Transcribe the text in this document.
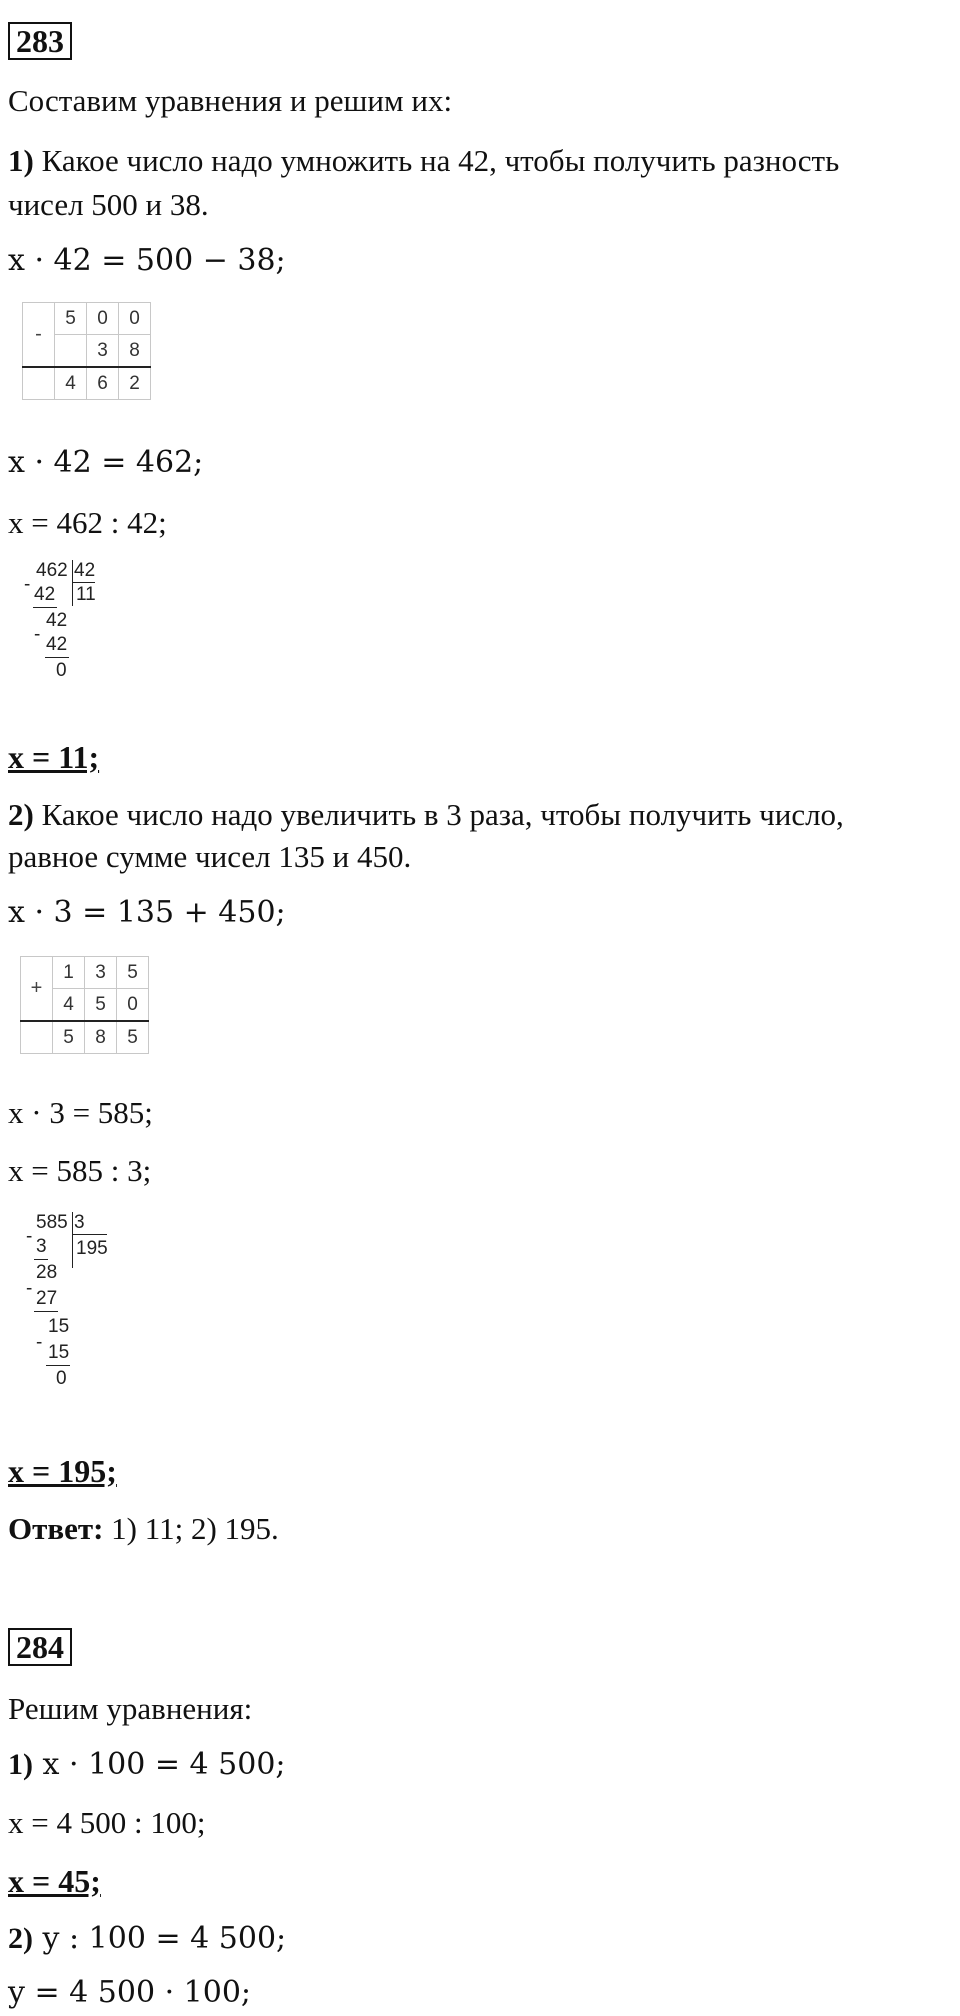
283
Составим уравнения и решим их:
1) Какое число надо умножить на 42, чтобы получить разность
чисел 500 и 38.
x · 42 = 500 − 38;
-	5	0	0
		3	8
	4	6	2
x · 42 = 462;
x = 462 : 42;
462 42
11
- 42
42
- 42
0
x = 11;
2) Какое число надо увеличить в 3 раза, чтобы получить число,
равное сумме чисел 135 и 450.
x · 3 = 135 + 450;
+	1	3	5
	4	5	0
	5	8	5
x · 3 = 585;
x = 585 : 3;
585 3
195
- 3
28
- 27
15
- 15
0
x = 195;
Ответ: 1) 11; 2) 195.
284
Решим уравнения:
1) x · 100 = 4 500;
x = 4 500 : 100;
x = 45;
2) y : 100 = 4 500;
y = 4 500 · 100;
